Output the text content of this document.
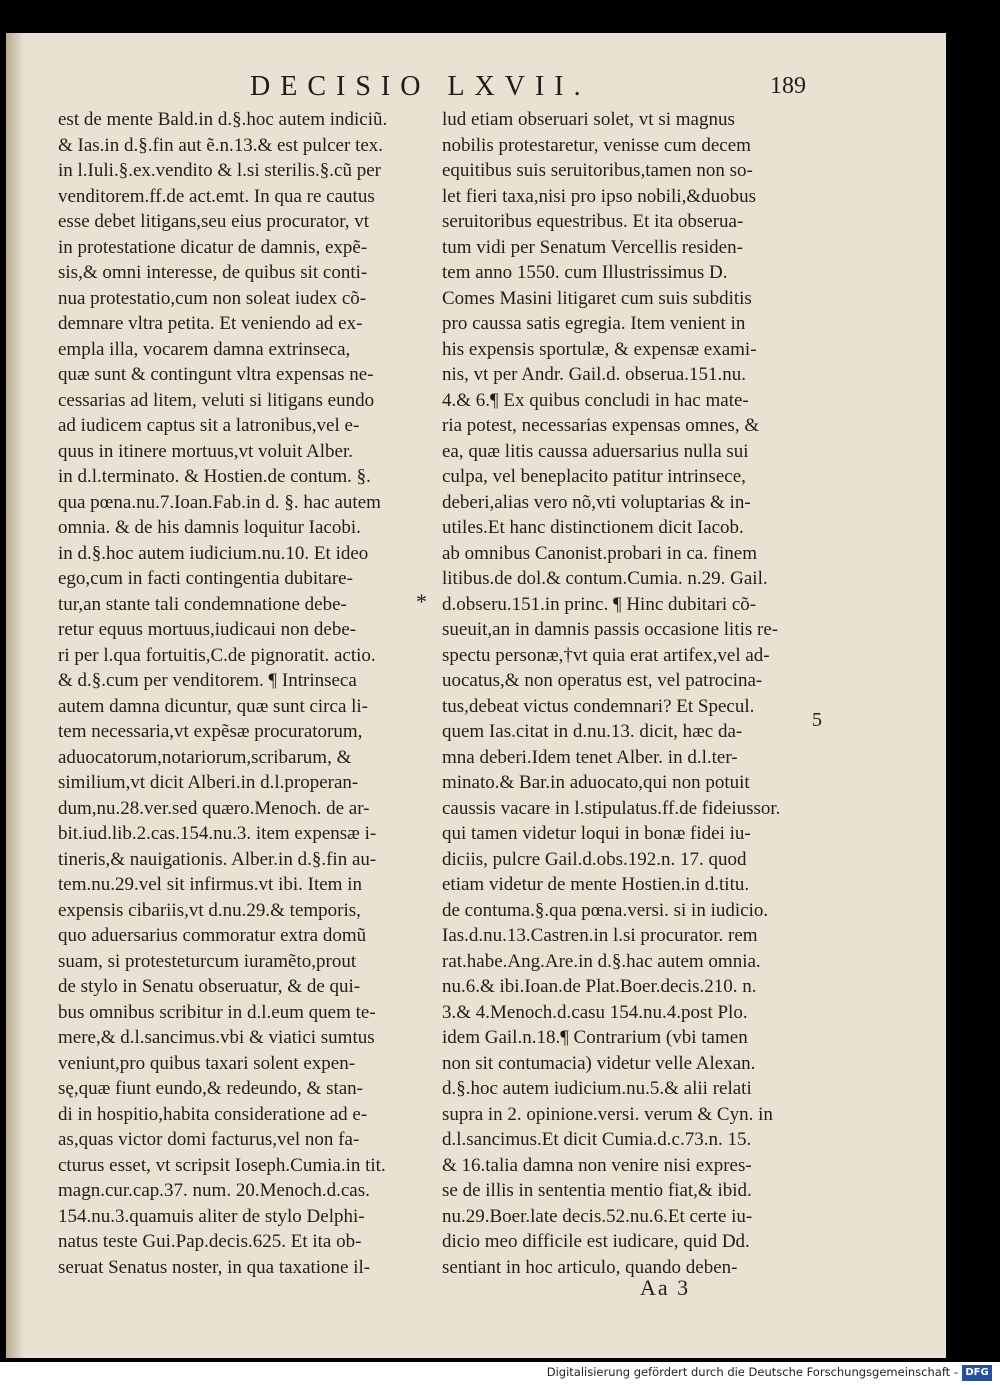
DECISIO LXVII.	189
est de mente Bald.in d.§.hoc autem indiciũ.
& Ias.in d.§.fin aut ẽ.n.13.& est pulcer tex.
in l.Iuli.§.ex.vendito & l.si sterilis.§.cũ per
venditorem.ff.de act.emt. In qua re cautus
esse debet litigans,seu eius procurator, vt
in protestatione dicatur de damnis, expẽ-
sis,& omni interesse, de quibus sit conti-
nua protestatio,cum non soleat iudex cõ-
demnare vltra petita. Et veniendo ad ex-
empla illa, vocarem damna extrinseca,
quæ sunt & contingunt vltra expensas ne-
cessarias ad litem, veluti si litigans eundo
ad iudicem captus sit a latronibus,vel e-
quus in itinere mortuus,vt voluit Alber.
in d.l.terminato. & Hostien.de contum. §.
qua pœna.nu.7.Ioan.Fab.in d. §. hac autem
omnia. & de his damnis loquitur Iacobi.
in d.§.hoc autem iudicium.nu.10. Et ideo
ego,cum in facti contingentia dubitare-
tur,an stante tali condemnatione debe-
retur equus mortuus,iudicaui non debe-
ri per l.qua fortuitis,C.de pignoratit. actio.
& d.§.cum per venditorem. ¶ Intrinseca
autem damna dicuntur, quæ sunt circa li-
tem necessaria,vt expẽsæ procuratorum,
aduocatorum,notariorum,scribarum, &
similium,vt dicit Alberi.in d.l.properan-
dum,nu.28.ver.sed quæro.Menoch. de ar-
bit.iud.lib.2.cas.154.nu.3. item expensæ i-
tineris,& nauigationis. Alber.in d.§.fin au-
tem.nu.29.vel sit infirmus.vt ibi. Item in
expensis cibariis,vt d.nu.29.& temporis,
quo aduersarius commoratur extra domũ
suam, si protesteturcum iuramẽto,prout
de stylo in Senatu obseruatur, & de qui-
bus omnibus scribitur in d.l.eum quem te-
mere,& d.l.sancimus.vbi & viatici sumtus
veniunt,pro quibus taxari solent expen-
sę,quæ fiunt eundo,& redeundo, & stan-
di in hospitio,habita consideratione ad e-
as,quas victor domi facturus,vel non fa-
cturus esset, vt scripsit Ioseph.Cumia.in tit.
magn.cur.cap.37. num. 20.Menoch.d.cas.
154.nu.3.quamuis aliter de stylo Delphi-
natus teste Gui.Pap.decis.625. Et ita ob-
seruat Senatus noster, in qua taxatione il-
lud etiam obseruari solet, vt si magnus
nobilis protestaretur, venisse cum decem
equitibus suis seruitoribus,tamen non so-
let fieri taxa,nisi pro ipso nobili,&duobus
seruitoribus equestribus. Et ita obserua-
tum vidi per Senatum Vercellis residen-
tem anno 1550. cum Illustrissimus D.
Comes Masini litigaret cum suis subditis
pro caussa satis egregia. Item venient in
his expensis sportulæ, & expensæ exami-
nis, vt per Andr. Gail.d. obserua.151.nu.
4.& 6.¶ Ex quibus concludi in hac mate-
ria potest, necessarias expensas omnes, &
ea, quæ litis caussa aduersarius nulla sui
culpa, vel beneplacito patitur intrinsece,
deberi,alias vero nõ,vti voluptarias & in-
utiles.Et hanc distinctionem dicit Iacob.
ab omnibus Canonist.probari in ca. finem
litibus.de dol.& contum.Cumia. n.29. Gail.
d.obseru.151.in princ. ¶ Hinc dubitari cõ-
sueuit,an in damnis passis occasione litis re-
spectu personæ,†vt quia erat artifex,vel ad-
uocatus,& non operatus est, vel patrocina-
tus,debeat victus condemnari? Et Specul.
quem Ias.citat in d.nu.13. dicit, hæc da-
mna deberi.Idem tenet Alber. in d.l.ter-
minato.& Bar.in aduocato,qui non potuit
caussis vacare in l.stipulatus.ff.de fideiussor.
qui tamen videtur loqui in bonæ fidei iu-
diciis, pulcre Gail.d.obs.192.n. 17. quod
etiam videtur de mente Hostien.in d.titu.
de contuma.§.qua pœna.versi. si in iudicio.
Ias.d.nu.13.Castren.in l.si procurator. rem
rat.habe.Ang.Are.in d.§.hac autem omnia.
nu.6.& ibi.Ioan.de Plat.Boer.decis.210. n.
3.& 4.Menoch.d.casu 154.nu.4.post Plo.
idem Gail.n.18.¶ Contrarium (vbi tamen
non sit contumacia) videtur velle Alexan.
d.§.hoc autem iudicium.nu.5.& alii relati
supra in 2. opinione.versi. verum & Cyn. in
d.l.sancimus.Et dicit Cumia.d.c.73.n. 15.
& 16.talia damna non venire nisi expres-
se de illis in sententia mentio fiat,& ibid.
nu.29.Boer.late decis.52.nu.6.Et certe iu-
dicio meo difficile est iudicare, quid Dd.
sentiant in hoc articulo, quando deben-
*
5
Aa 3
Digitalisierung gefördert durch die Deutsche Forschungsgemeinschaft - DFG
